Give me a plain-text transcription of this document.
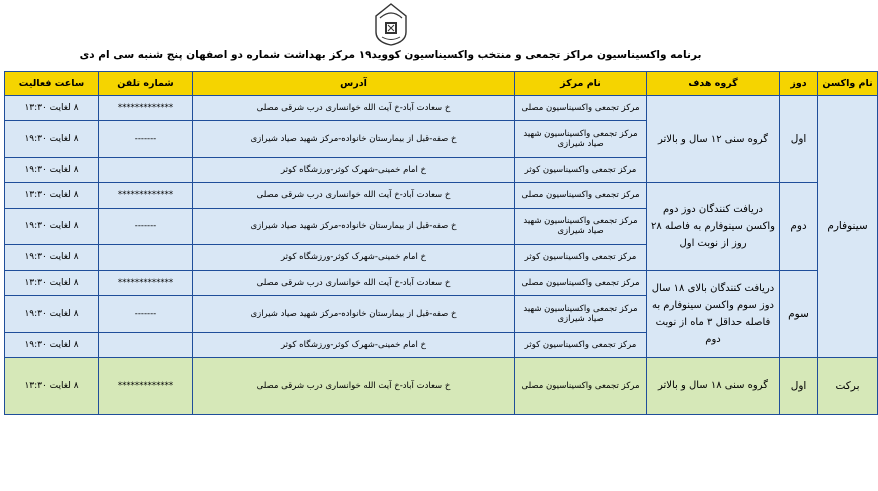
برنامه واکسیناسیون مراکز تجمعی و منتخب واکسیناسیون کووید۱۹ مرکز بهداشت شماره دو اصفهان پنج شنبه سی ام دی
نام واکسن	دوز	گروه هدف	نام مرکز	آدرس	شماره تلفن	ساعت فعالیت
سینوفارم	اول	گروه سنی ۱۲ سال و بالاتر	مرکز تجمعی واکسیناسیون مصلی	خ سعادت آباد-خ آیت الله خوانساری درب شرقی مصلی	*************	۸ لغایت ۱۳:۳۰
			مرکز تجمعی واکسیناسیون شهید صیاد شیرازی	خ صفه-قبل از بیمارستان خانواده-مرکز شهید صیاد شیرازی	-------	۸ لغایت ۱۹:۳۰
			مرکز تجمعی واکسیناسیون کوثر	خ امام خمینی-شهرک کوثر-ورزشگاه کوثر		۸ لغایت ۱۹:۳۰
	دوم	دریافت کنندگان دوز دوم واکسن سینوفارم به فاصله ۲۸ روز از نوبت اول	مرکز تجمعی واکسیناسیون مصلی	خ سعادت آباد-خ آیت الله خوانساری درب شرقی مصلی	*************	۸ لغایت ۱۳:۳۰
			مرکز تجمعی واکسیناسیون شهید صیاد شیرازی	خ صفه-قبل از بیمارستان خانواده-مرکز شهید صیاد شیرازی	-------	۸ لغایت ۱۹:۳۰
			مرکز تجمعی واکسیناسیون کوثر	خ امام خمینی-شهرک کوثر-ورزشگاه کوثر		۸ لغایت ۱۹:۳۰
	سوم	دریافت کنندگان بالای ۱۸ سال دوز سوم واکسن سینوفارم به فاصله حداقل ۳ ماه از نوبت دوم	مرکز تجمعی واکسیناسیون مصلی	خ سعادت آباد-خ آیت الله خوانساری درب شرقی مصلی	*************	۸ لغایت ۱۳:۳۰
			مرکز تجمعی واکسیناسیون شهید صیاد شیرازی	خ صفه-قبل از بیمارستان خانواده-مرکز شهید صیاد شیرازی	-------	۸ لغایت ۱۹:۳۰
			مرکز تجمعی واکسیناسیون کوثر	خ امام خمینی-شهرک کوثر-ورزشگاه کوثر		۸ لغایت ۱۹:۳۰
برکت	اول	گروه سنی ۱۸ سال و بالاتر	مرکز تجمعی واکسیناسیون مصلی	خ سعادت آباد-خ آیت الله خوانساری درب شرقی مصلی	*************	۸ لغایت ۱۳:۳۰
